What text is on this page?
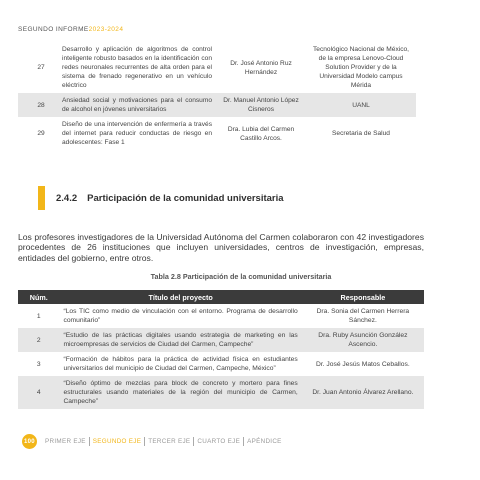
SEGUNDO INFORME2023-2024
27	Desarrollo y aplicación de algoritmos de control inteligente robusto basados en la identificación con redes neuronales recurrentes de alta orden para el sistema de frenado regenerativo en un vehículo eléctrico	Dr. José Antonio Ruz Hernández	Tecnológico Nacional de México, de la empresa Lenovo-Cloud Solution Provider y de la Universidad Modelo campus Mérida
28	Ansiedad social y motivaciones para el consumo de alcohol en jóvenes universitarios	Dr. Manuel Antonio López Cisneros	UANL
29	Diseño de una intervención de enfermería a través del internet para reducir conductas de riesgo en adolescentes: Fase 1	Dra. Lubia del Carmen Castillo Arcos.	Secretaria de Salud
2.4.2 Participación de la comunidad universitaria

Los profesores investigadores de la Universidad Autónoma del Carmen colaboraron con 42 investigadores procedentes de 26 instituciones que incluyen universidades, centros de investigación, empresas, entidades del gobierno, entre otros.

Tabla 2.8 Participación de la comunidad universitaria
Núm.	Título del proyecto	Responsable
1	“Los TIC como medio de vinculación con el entorno. Programa de desarrollo comunitario”	Dra. Sonia del Carmen Herrera Sánchez.
2	“Estudio de las prácticas digitales usando estrategia de marketing en las microempresas de servicios de Ciudad del Carmen, Campeche”	Dra. Ruby Asunción González Ascencio.
3	“Formación de hábitos para la práctica de actividad física en estudiantes universitarios del municipio de Ciudad del Carmen, Campeche, México”	Dr. José Jesús Matos Ceballos.
4	“Diseño óptimo de mezclas para block de concreto y mortero para fines estructurales usando materiales de la región del municipio de Carmen, Campeche”	Dr. Juan Antonio Álvarez Arellano.
100	PRIMER EJE SEGUNDO EJE TERCER EJE CUARTO EJE APÉNDICE
